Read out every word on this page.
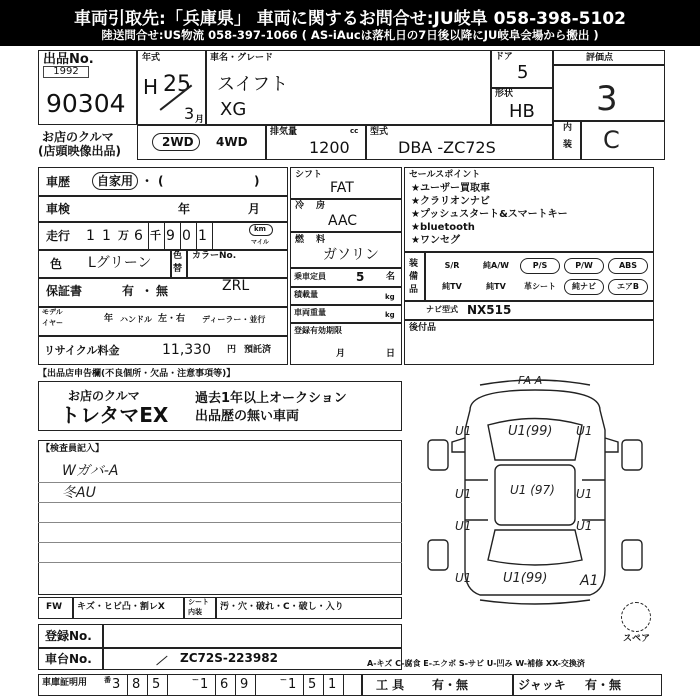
車両引取先:「兵庫県」 車両に関するお問合せ:JU岐阜 058-398-5102
陸送問合せ:US物流 058-397-1066 ( AS-iAucは落札日の7日後以降にJU岐阜会場から搬出 )
出品No.
1992
90304
お店のクルマ
(店頭映像出品)
年式
H 25
3 月
車名・グレード
スイフト
XG
ドア
5
形状
HB
評価点
3
内
装 C
2WD 4WD
排気量	cc
1200
型式
DBA -ZC72S
車歴 自家用 ・ (	)
車検	年	月
走行 1 1 万 6 千 9 0 1	km
マイル
色 Lグリーン 色
替
カラーNo.
ZRL
保証書	有 ・ 無
モデル
イヤー	年 ハンドル 左・右 ディーラー・並行
リサイクル料金	11,330 円 預託済
シフト
FAT
冷 房
AAC
燃 料
ガソリン
乗車定員	5 名
積載量	kg
車両重量	kg
登録有効期限
月	日
セールスポイント
★ユーザー買取車
★クラリオンナビ
★プッシュスタート&スマートキー
★bluetooth
★ワンセグ
装
備
品
ナビ型式 NX515
後付品
【出品店申告欄(不良個所・欠品・注意事項等)】
お店のクルマ
トレタマEX
過去1年以上オークション
出品歴の無い車両
【検査員記入】
Wガバ-A
冬AU
FA A
U1(99)
U1	U1
U1	U1
U1 (97)
U1	U1
U1 U1(99) A1
スペア
FW キズ・ヒビ凸・割レX	シート
内装 汚・穴・破れ・C・破し・入り
登録No.
車台No.	ZC72S-223982
車庫証明用
A-キズ C-腐食 E-エクボ S-サビ U-凹み W-補修 XX-交換済
工 具 有・無	ジャッキ 有・無
S/R	純A/W	P/S	P/W	ABS
純TV	純TV	革シート	純ナビ	エアB
番 3 8 5	ー 1 6 9	ー 1 5 1
